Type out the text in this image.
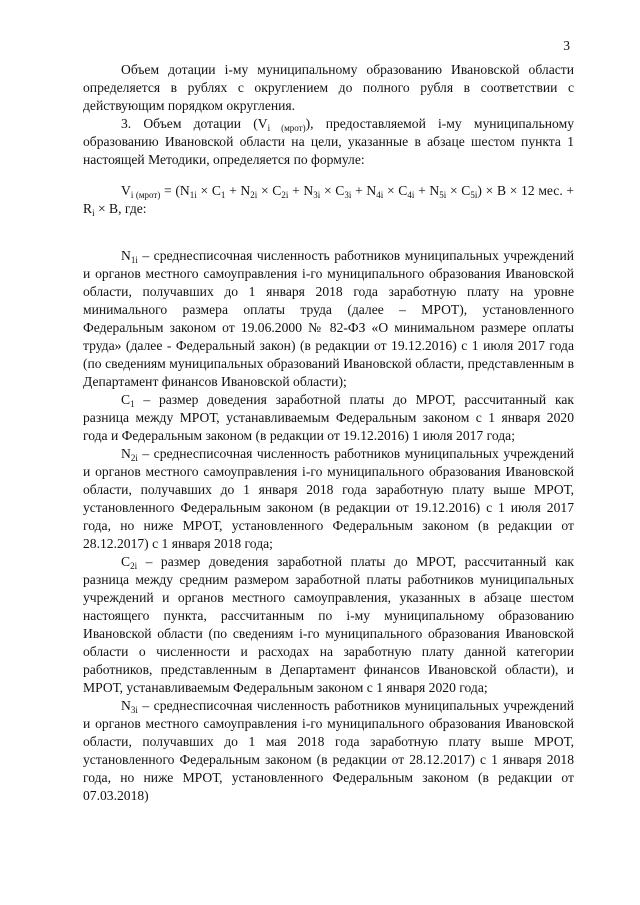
3

Объем дотации i-му муниципальному образованию Ивановской области определяется в рублях с округлением до полного рубля в соответствии с действующим порядком округления.

3. Объем дотации $(V_{i (мрот)})$, предоставляемой i-му муниципальному образованию Ивановской области на цели, указанные в абзаце шестом пункта 1 настоящей Методики, определяется по формуле:

$V_{i (мрот)} = (N_{1i} \times C_1 + N_{2i} \times C_{2i} + N_{3i} \times C_{3i} + N_{4i} \times C_{4i} + N_{5i} \times C_{5i}) \times B \times 12$ мес. + $R_i \times B$, где:

$N_{1i}$ – среднесписочная численность работников муниципальных учреждений и органов местного самоуправления i-го муниципального образования Ивановской области, получавших до 1 января 2018 года заработную плату на уровне минимального размера оплаты труда (далее – МРОТ), установленного Федеральным законом от 19.06.2000 № 82-ФЗ «О минимальном размере оплаты труда» (далее - Федеральный закон) (в редакции от 19.12.2016) с 1 июля 2017 года (по сведениям муниципальных образований Ивановской области, представленным в Департамент финансов Ивановской области);

$C_1$ – размер доведения заработной платы до МРОТ, рассчитанный как разница между МРОТ, устанавливаемым Федеральным законом с 1 января 2020 года и Федеральным законом (в редакции от 19.12.2016) 1 июля 2017 года;

$N_{2i}$ – среднесписочная численность работников муниципальных учреждений и органов местного самоуправления i-го муниципального образования Ивановской области, получавших до 1 января 2018 года заработную плату выше МРОТ, установленного Федеральным законом (в редакции от 19.12.2016) с 1 июля 2017 года, но ниже МРОТ, установленного Федеральным законом (в редакции от 28.12.2017) с 1 января 2018 года;

$C_{2i}$ – размер доведения заработной платы до МРОТ, рассчитанный как разница между средним размером заработной платы работников муниципальных учреждений и органов местного самоуправления, указанных в абзаце шестом настоящего пункта, рассчитанным по i-му муниципальному образованию Ивановской области (по сведениям i-го муниципального образования Ивановской области о численности и расходах на заработную плату данной категории работников, представленным в Департамент финансов Ивановской области), и МРОТ, устанавливаемым Федеральным законом с 1 января 2020 года;

$N_{3i}$ – среднесписочная численность работников муниципальных учреждений и органов местного самоуправления i-го муниципального образования Ивановской области, получавших до 1 мая 2018 года заработную плату выше МРОТ, установленного Федеральным законом (в редакции от 28.12.2017) с 1 января 2018 года, но ниже МРОТ, установленного Федеральным законом (в редакции от 07.03.2018)
